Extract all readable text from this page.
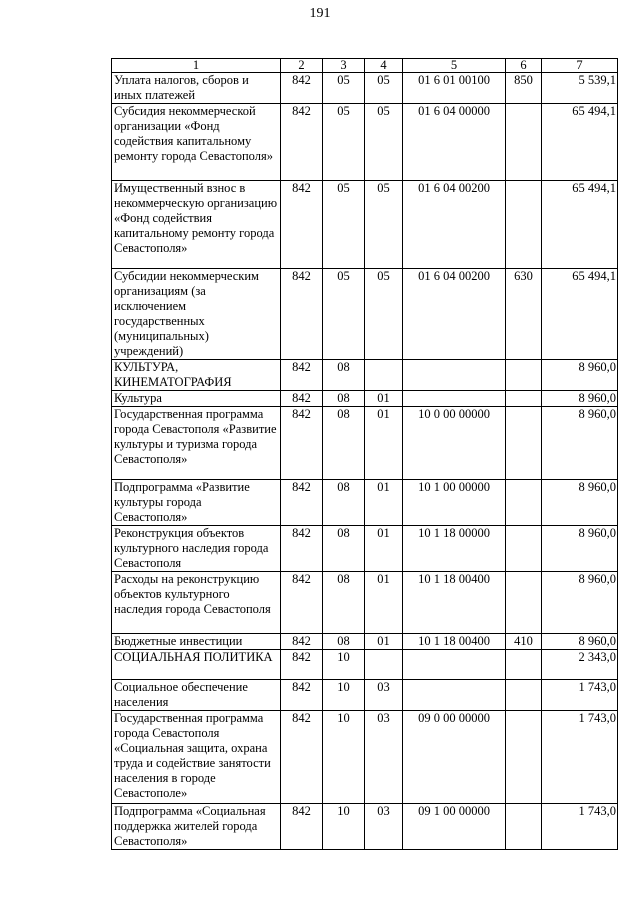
191
1	2	3	4	5	6	7
Уплата налогов, сборов и иных платежей	842	05	05	01 6 01 00100	850	5 539,1
Субсидия некоммерческой организации «Фонд содействия капитальному ремонту города Севастополя»	842	05	05	01 6 04 00000		65 494,1
Имущественный взнос в некоммерческую организацию «Фонд содействия капитальному ремонту города Севастополя»	842	05	05	01 6 04 00200		65 494,1
Субсидии некоммерческим организациям (за исключением государственных (муниципальных) учреждений)	842	05	05	01 6 04 00200	630	65 494,1
КУЛЬТУРА, КИНЕМАТОГРАФИЯ	842	08				8 960,0
Культура	842	08	01			8 960,0
Государственная программа города Севастополя «Развитие культуры и туризма города Севастополя»	842	08	01	10 0 00 00000		8 960,0
Подпрограмма «Развитие культуры города Севастополя»	842	08	01	10 1 00 00000		8 960,0
Реконструкция объектов культурного наследия города Севастополя	842	08	01	10 1 18 00000		8 960,0
Расходы на реконструкцию объектов культурного наследия города Севастополя	842	08	01	10 1 18 00400		8 960,0
Бюджетные инвестиции	842	08	01	10 1 18 00400	410	8 960,0
СОЦИАЛЬНАЯ ПОЛИТИКА	842	10				2 343,0
Социальное обеспечение населения	842	10	03			1 743,0
Государственная программа города Севастополя «Социальная защита, охрана труда и содействие занятости населения в городе Севастополе»	842	10	03	09 0 00 00000		1 743,0
Подпрограмма «Социальная поддержка жителей города Севастополя»	842	10	03	09 1 00 00000		1 743,0
